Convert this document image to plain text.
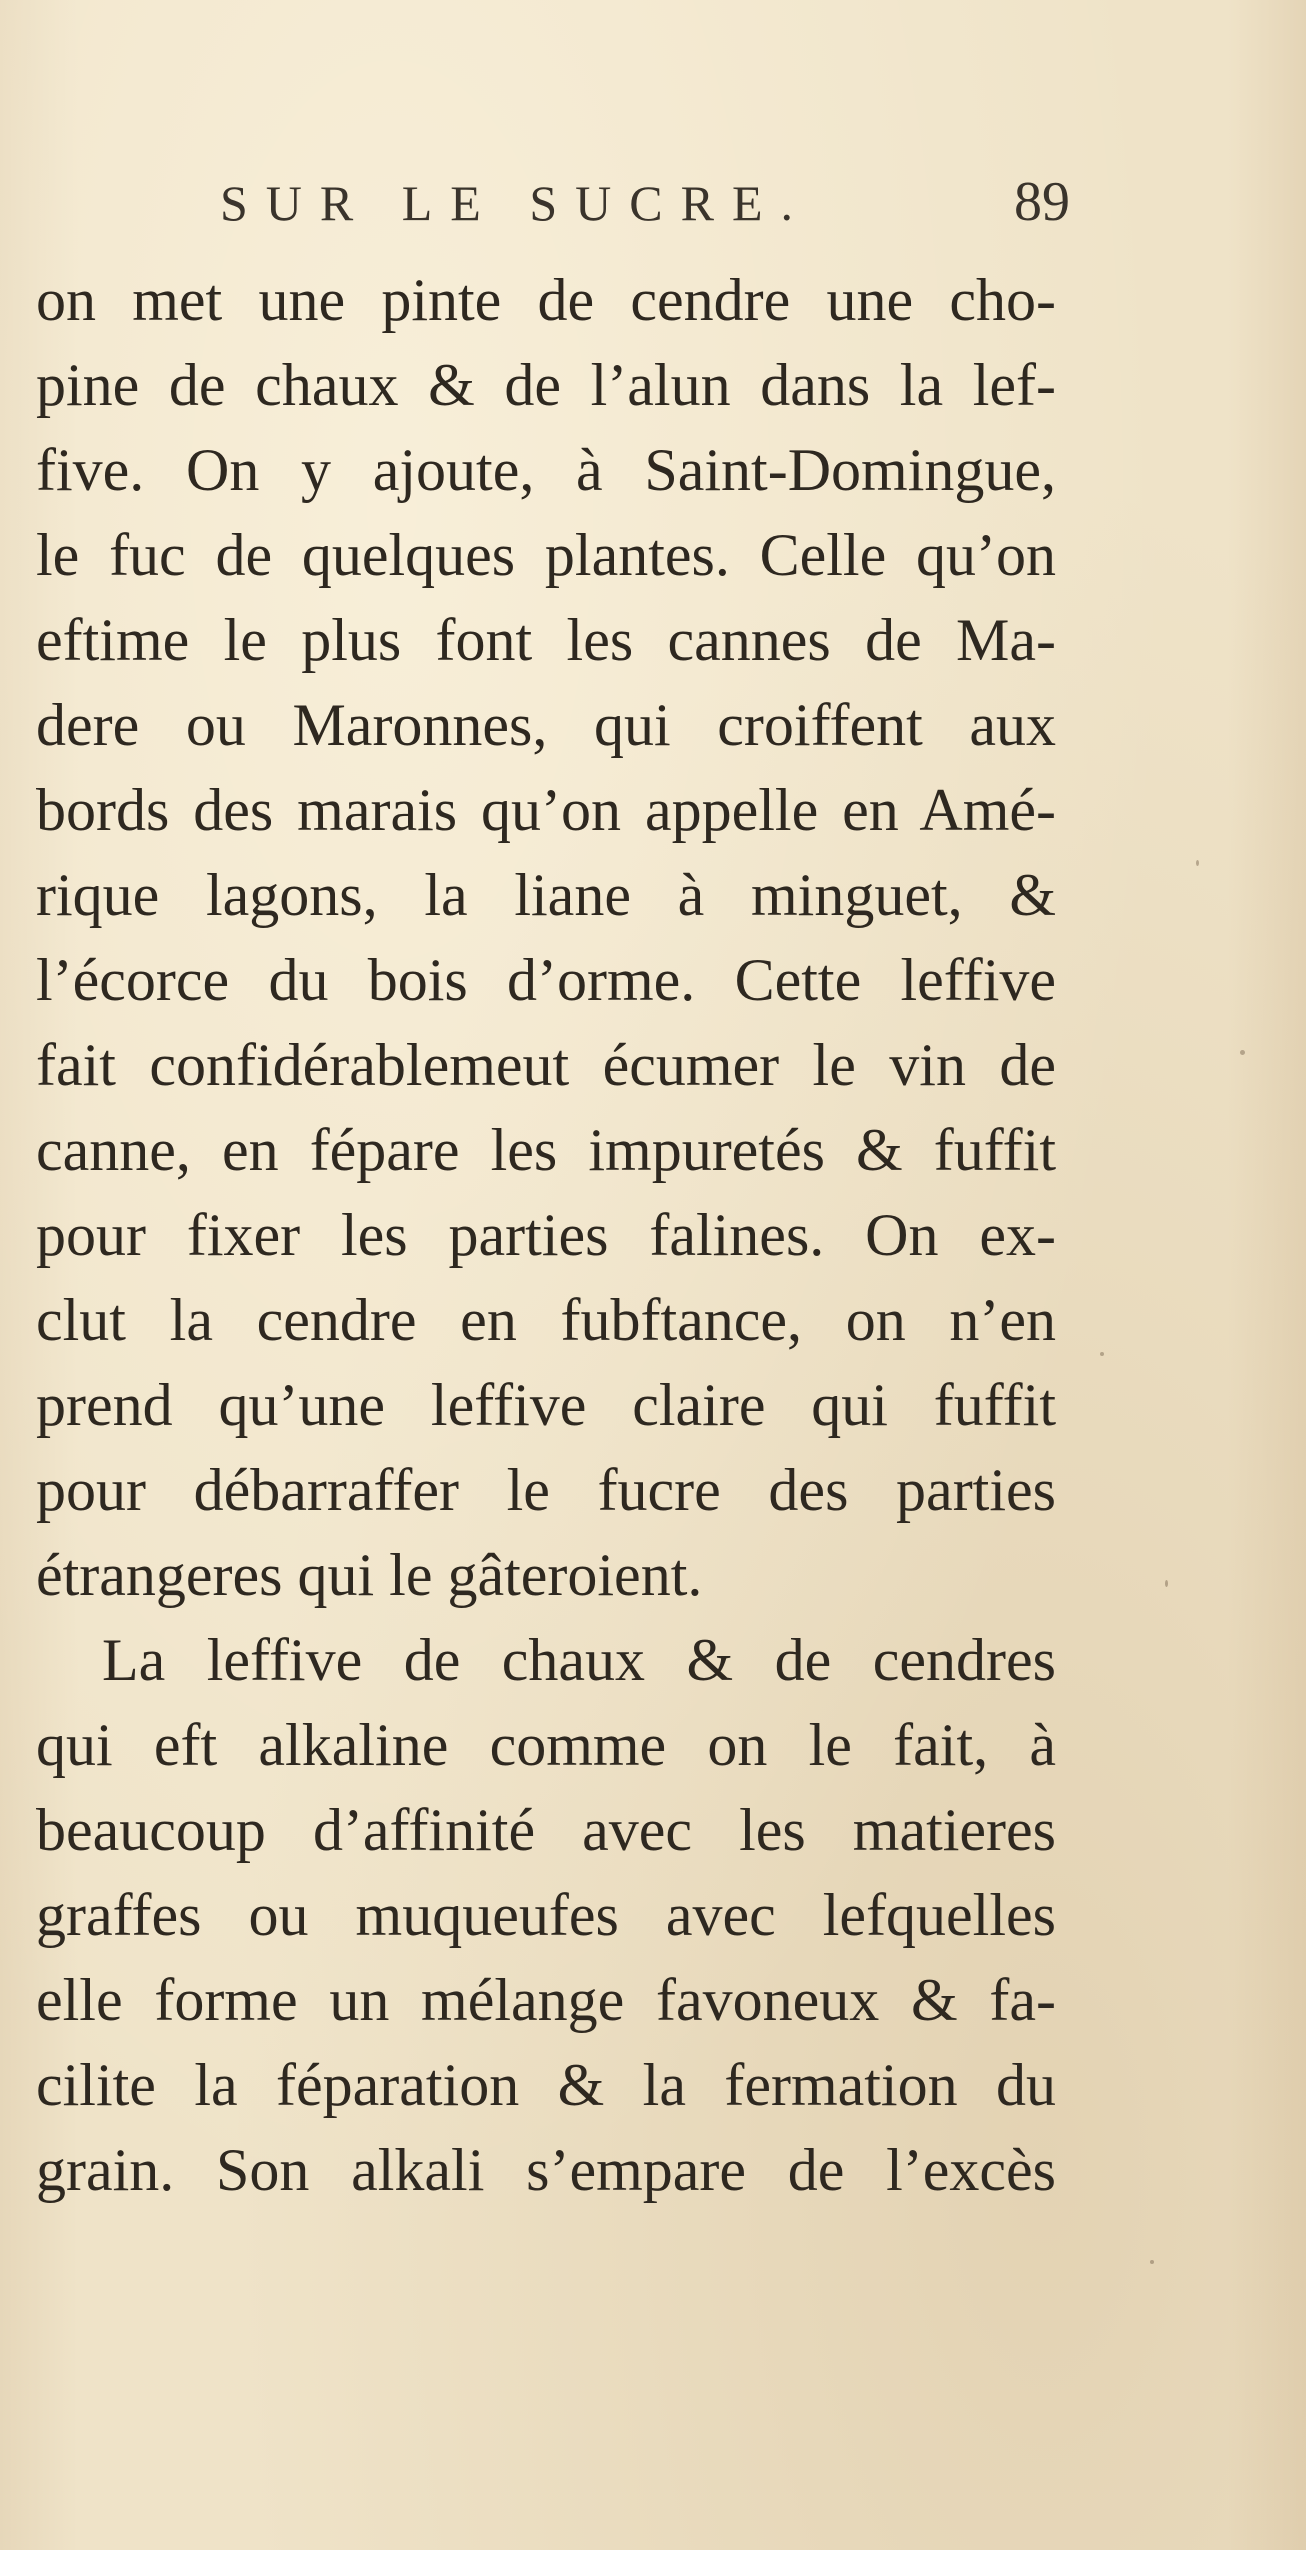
SUR LE SUCRE.	89
on met une pinte de cendre une cho-
pine de chaux & de l’alun dans la lef-
five. On y ajoute, à Saint-Domingue,
le fuc de quelques plantes. Celle qu’on
eftime le plus font les cannes de Ma-
dere ou Maronnes, qui croiffent aux
bords des marais qu’on appelle en Amé-
rique lagons, la liane à minguet, &
l’écorce du bois d’orme. Cette leffive
fait confidérablemeut écumer le vin de
canne, en fépare les impuretés & fuffit
pour fixer les parties falines. On ex-
clut la cendre en fubftance, on n’en
prend qu’une leffive claire qui fuffit
pour débarraffer le fucre des parties
étrangeres qui le gâteroient.
La leffive de chaux & de cendres
qui eft alkaline comme on le fait, à
beaucoup d’affinité avec les matieres
graffes ou muqueufes avec lefquelles
elle forme un mélange favoneux & fa-
cilite la féparation & la fermation du
grain. Son alkali s’empare de l’excès
